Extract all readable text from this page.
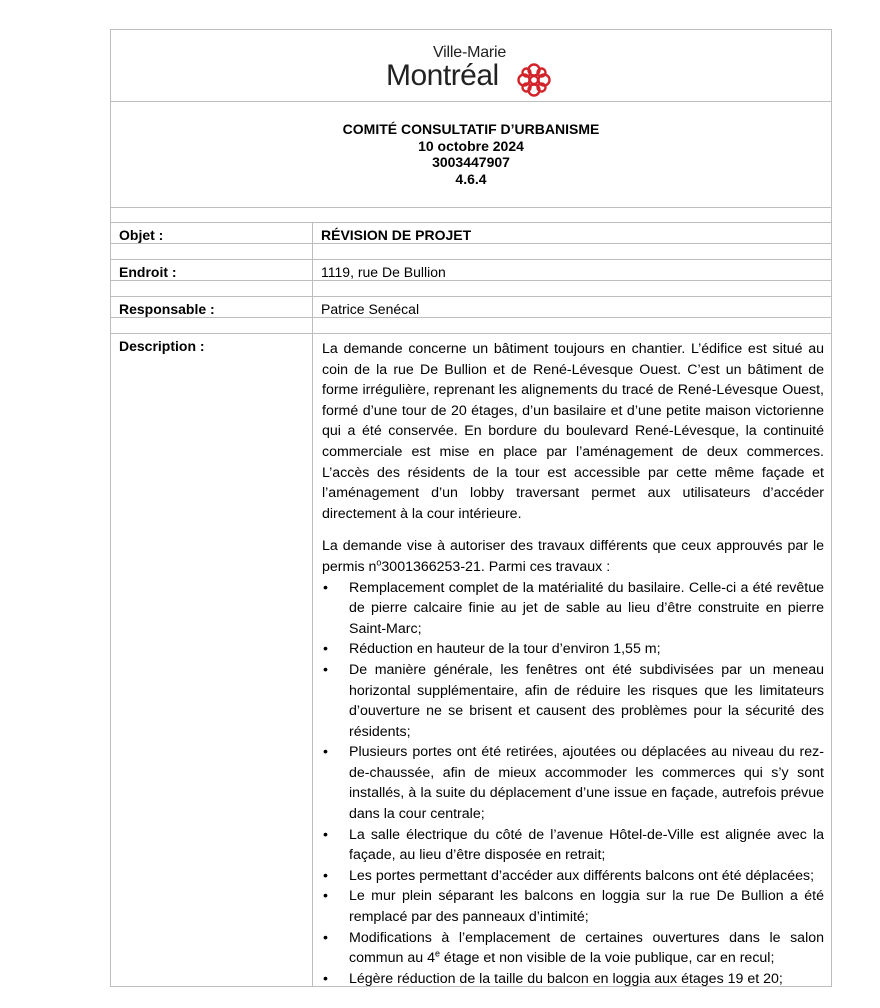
Ville-Marie
Montréal
COMITÉ CONSULTATIF D’URBANISME
10 octobre 2024
3003447907
4.6.4
Objet :	RÉVISION DE PROJET
Endroit :	1119, rue De Bullion
Responsable :	Patrice Senécal
Description :	La demande concerne un bâtiment toujours en chantier. L’édifice est situé au coin de la rue De Bullion et de René-Lévesque Ouest. C’est un bâtiment de forme irrégulière, reprenant les alignements du tracé de René-Lévesque Ouest, formé d’une tour de 20 étages, d’un basilaire et d’une petite maison victorienne qui a été conservée. En bordure du boulevard René-Lévesque, la continuité commerciale est mise en place par l’aménagement de deux commerces. L’accès des résidents de la tour est accessible par cette même façade et l’aménagement d’un lobby traversant permet aux utilisateurs d’accéder directement à la cour intérieure.

La demande vise à autoriser des travaux différents que ceux approuvés par le permis $n^o3001366253-21$. Parmi ces travaux :

• Remplacement complet de la matérialité du basilaire. Celle-ci a été revêtue de pierre calcaire finie au jet de sable au lieu d’être construite en pierre Saint-Marc;
• Réduction en hauteur de la tour d’environ 1,55 m;
• De manière générale, les fenêtres ont été subdivisées par un meneau horizontal supplémentaire, afin de réduire les risques que les limitateurs d’ouverture ne se brisent et causent des problèmes pour la sécurité des résidents;
• Plusieurs portes ont été retirées, ajoutées ou déplacées au niveau du rez-de-chaussée, afin de mieux accommoder les commerces qui s’y sont installés, à la suite du déplacement d’une issue en façade, autrefois prévue dans la cour centrale;
• La salle électrique du côté de l’avenue Hôtel-de-Ville est alignée avec la façade, au lieu d’être disposée en retrait;
• Les portes permettant d’accéder aux différents balcons ont été déplacées;
• Le mur plein séparant les balcons en loggia sur la rue De Bullion a été remplacé par des panneaux d’intimité;
• Modifications à l’emplacement de certaines ouvertures dans le salon commun au 4e étage et non visible de la voie publique, car en recul;
• Légère réduction de la taille du balcon en loggia aux étages 19 et 20;
